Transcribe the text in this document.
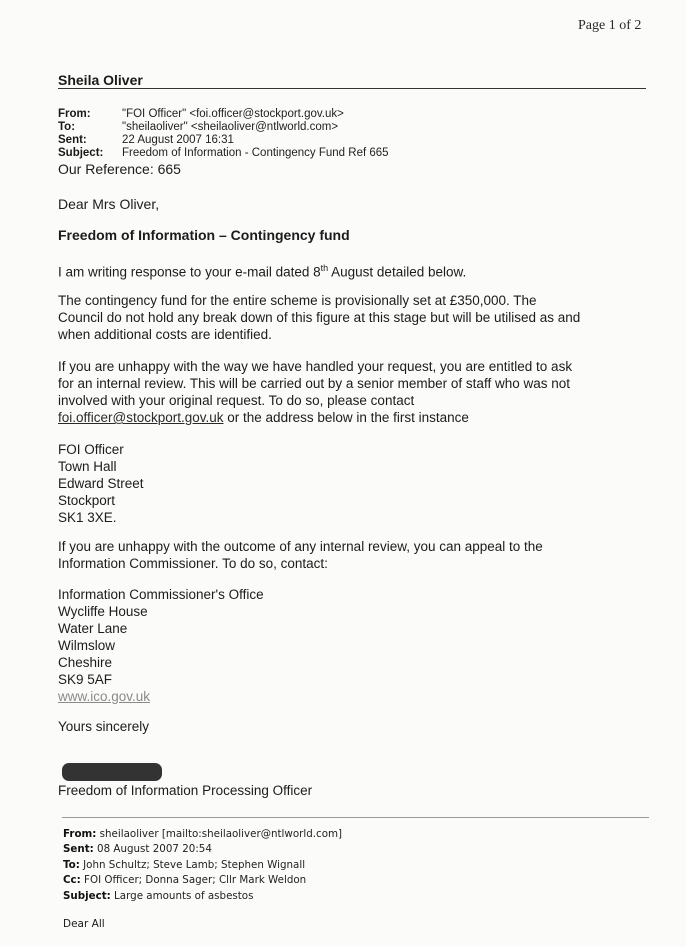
Page 1 of 2
Sheila Oliver
From:	"FOI Officer" <foi.officer@stockport.gov.uk>
To:	"sheilaoliver" <sheilaoliver@ntlworld.com>
Sent:	22 August 2007 16:31
Subject:	Freedom of Information - Contingency Fund Ref 665
Our Reference: 665
Dear Mrs Oliver,
Freedom of Information – Contingency fund
I am writing response to your e-mail dated 8th August detailed below.
The contingency fund for the entire scheme is provisionally set at £350,000. The
Council do not hold any break down of this figure at this stage but will be utilised as and
when additional costs are identified.
If you are unhappy with the way we have handled your request, you are entitled to ask
for an internal review. This will be carried out by a senior member of staff who was not
involved with your original request. To do so, please contact
foi.officer@stockport.gov.uk or the address below in the first instance
FOI Officer
Town Hall
Edward Street
Stockport
SK1 3XE.
If you are unhappy with the outcome of any internal review, you can appeal to the
Information Commissioner. To do so, contact:
Information Commissioner's Office
Wycliffe House
Water Lane
Wilmslow
Cheshire
SK9 5AF
www.ico.gov.uk
Yours sincerely
Freedom of Information Processing Officer
From: sheilaoliver [mailto:sheilaoliver@ntlworld.com]
Sent: 08 August 2007 20:54
To: John Schultz; Steve Lamb; Stephen Wignall
Cc: FOI Officer; Donna Sager; Cllr Mark Weldon
Subject: Large amounts of asbestos
Dear All
